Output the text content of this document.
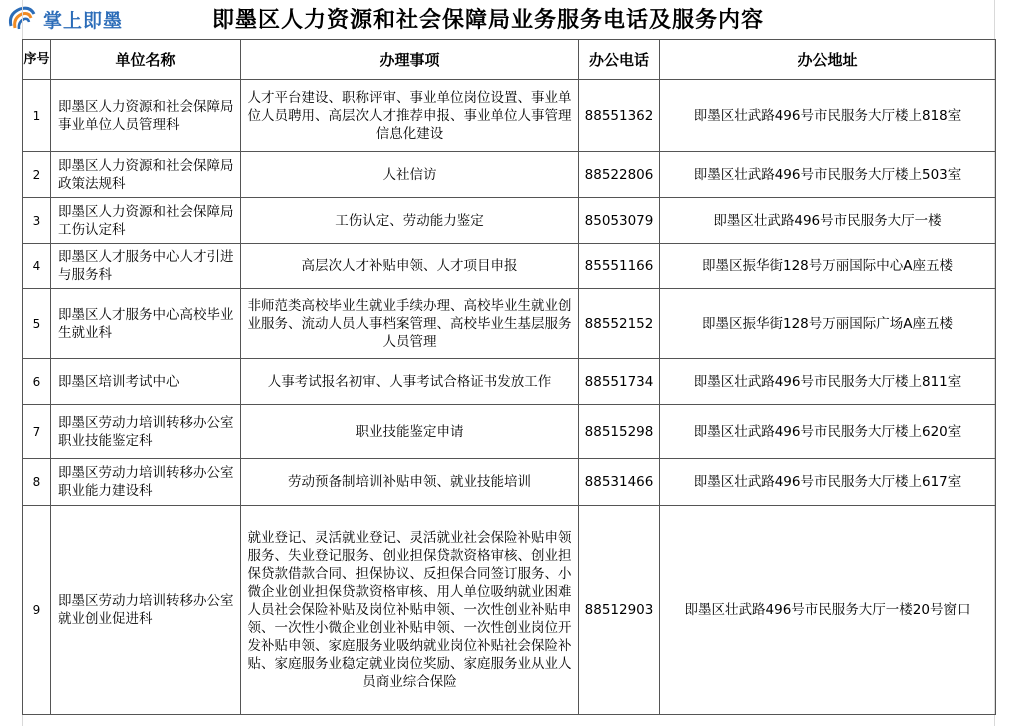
掌上即墨	即墨区人力资源和社会保障局业务服务电话及服务内容
序号	单位名称	办理事项	办公电话	办公地址
1	即墨区人力资源和社会保障局事业单位人员管理科	人才平台建设、职称评审、事业单位岗位设置、事业单位人员聘用、高层次人才推荐申报、事业单位人事管理信息化建设	88551362	即墨区壮武路496号市民服务大厅楼上818室
2	即墨区人力资源和社会保障局政策法规科	人社信访	88522806	即墨区壮武路496号市民服务大厅楼上503室
3	即墨区人力资源和社会保障局工伤认定科	工伤认定、劳动能力鉴定	85053079	即墨区壮武路496号市民服务大厅一楼
4	即墨区人才服务中心人才引进与服务科	高层次人才补贴申领、人才项目申报	85551166	即墨区振华街128号万丽国际中心A座五楼
5	即墨区人才服务中心高校毕业生就业科	非师范类高校毕业生就业手续办理、高校毕业生就业创业服务、流动人员人事档案管理、高校毕业生基层服务人员管理	88552152	即墨区振华街128号万丽国际广场A座五楼
6	即墨区培训考试中心	人事考试报名初审、人事考试合格证书发放工作	88551734	即墨区壮武路496号市民服务大厅楼上811室
7	即墨区劳动力培训转移办公室职业技能鉴定科	职业技能鉴定申请	88515298	即墨区壮武路496号市民服务大厅楼上620室
8	即墨区劳动力培训转移办公室职业能力建设科	劳动预备制培训补贴申领、就业技能培训	88531466	即墨区壮武路496号市民服务大厅楼上617室
9	即墨区劳动力培训转移办公室就业创业促进科	就业登记、灵活就业登记、灵活就业社会保险补贴申领服务、失业登记服务、创业担保贷款资格审核、创业担保贷款借款合同、担保协议、反担保合同签订服务、小微企业创业担保贷款资格审核、用人单位吸纳就业困难人员社会保险补贴及岗位补贴申领、一次性创业补贴申领、一次性小微企业创业补贴申领、一次性创业岗位开发补贴申领、家庭服务业吸纳就业岗位补贴社会保险补贴、家庭服务业稳定就业岗位奖励、家庭服务业从业人员商业综合保险	88512903	即墨区壮武路496号市民服务大厅一楼20号窗口
